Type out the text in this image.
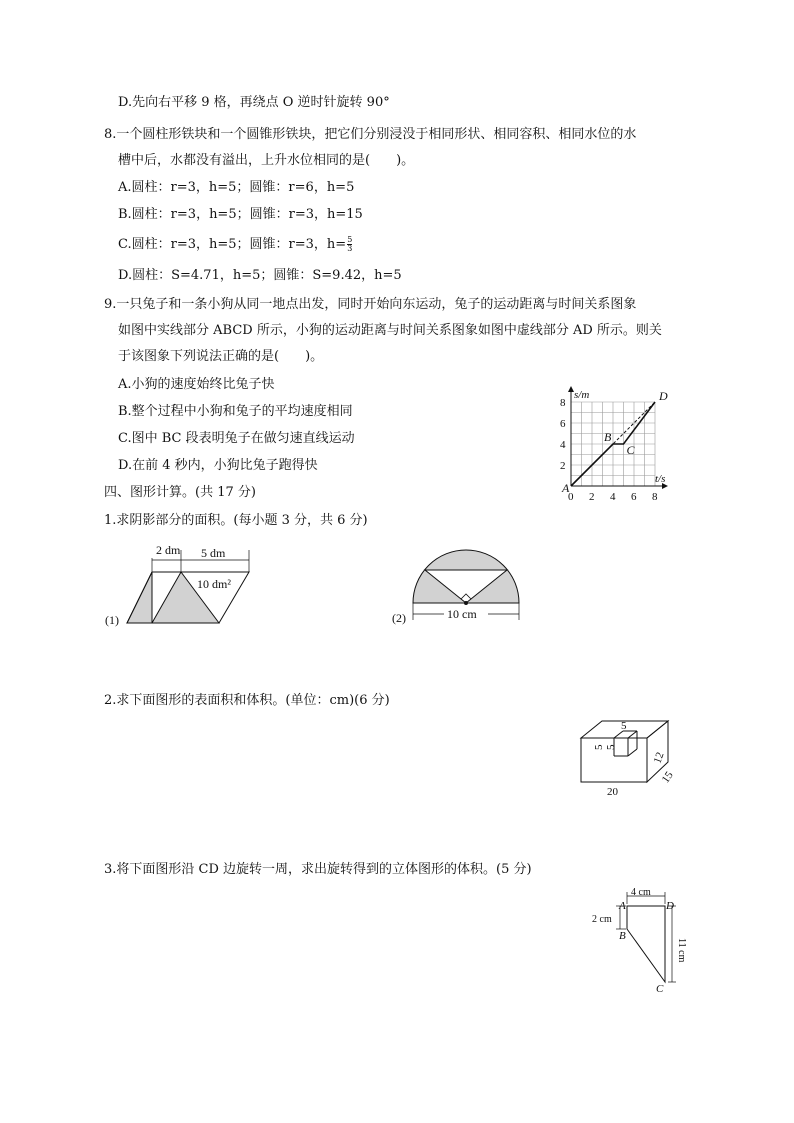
D.先向右平移 9 格，再绕点 O 逆时针旋转 90°
8.一个圆柱形铁块和一个圆锥形铁块，把它们分别浸没于相同形状、相同容积、相同水位的水
槽中后，水都没有溢出，上升水位相同的是(　　)。
A.圆柱：r=3，h=5；圆锥：r=6，h=5
B.圆柱：r=3，h=5；圆锥：r=3，h=15
C.圆柱：r=3，h=5；圆锥：r=3，$h= \frac{5}{3}$
D.圆柱：S=4.71，h=5；圆锥：S=9.42，h=5
9.一只兔子和一条小狗从同一地点出发，同时开始向东运动，兔子的运动距离与时间关系图象
如图中实线部分 ABCD 所示，小狗的运动距离与时间关系图象如图中虚线部分 AD 所示。则关
于该图象下列说法正确的是(　　)。
A.小狗的速度始终比兔子快
B.整个过程中小狗和兔子的平均速度相同
C.图中 BC 段表明兔子在做匀速直线运动
D.在前 4 秒内，小狗比兔子跑得快
s/m
t/s
0 2 4 6 8
2
4
6
8
A
B
C
D
四、图形计算。(共 17 分)
1.求阴影部分的面积。(每小题 3 分，共 6 分)
2 dm 5 dm
10 dm²
(1)	10 cm
(2)
2.求下面图形的表面积和体积。(单位：cm)(6 分)
5
5
5
20
12
15
3.将下面图形沿 CD 边旋转一周，求出旋转得到的立体图形的体积。(5 分)
4 cm
2 cm
11 cm
A
B
C
D
